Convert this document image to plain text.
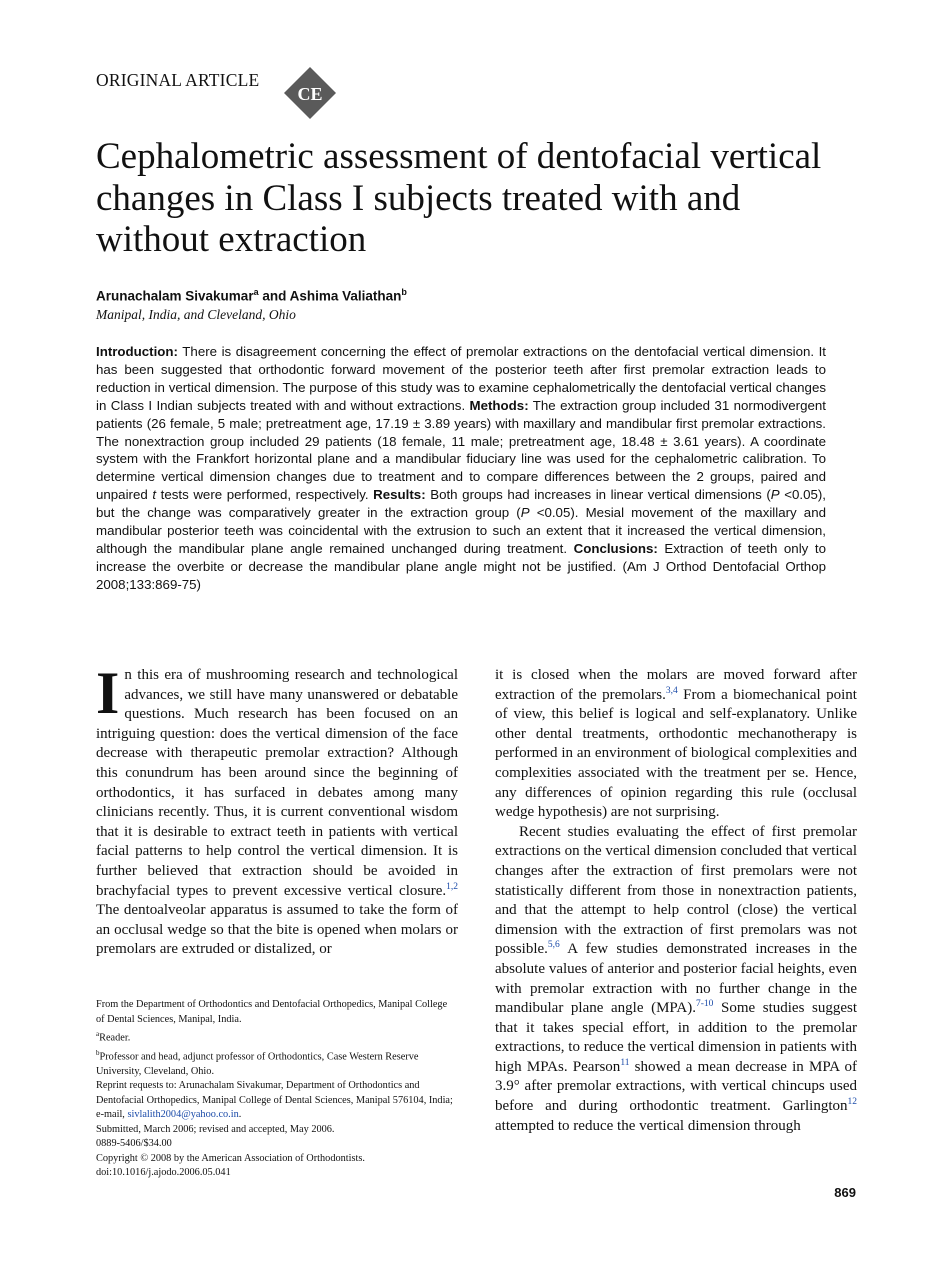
ORIGINAL ARTICLE
CE
Cephalometric assessment of dentofacial vertical changes in Class I subjects treated with and without extraction
Arunachalam Sivakumar$^a$ and Ashima Valiathan$^b$
Manipal, India, and Cleveland, Ohio

Introduction: There is disagreement concerning the effect of premolar extractions on the dentofacial vertical dimension. It has been suggested that orthodontic forward movement of the posterior teeth after first premolar extraction leads to reduction in vertical dimension. The purpose of this study was to examine cephalometrically the dentofacial vertical changes in Class I Indian subjects treated with and without extractions. Methods: The extraction group included 31 normodivergent patients (26 female, 5 male; pretreatment age, 17.19 ± 3.89 years) with maxillary and mandibular first premolar extractions. The nonextraction group included 29 patients (18 female, 11 male; pretreatment age, 18.48 ± 3.61 years). A coordinate system with the Frankfort horizontal plane and a mandibular fiduciary line was used for the cephalometric calibration. To determine vertical dimension changes due to treatment and to compare differences between the 2 groups, paired and unpaired t tests were performed, respectively. Results: Both groups had increases in linear vertical dimensions (P <0.05), but the change was comparatively greater in the extraction group (P <0.05). Mesial movement of the maxillary and mandibular posterior teeth was coincidental with the extrusion to such an extent that it increased the vertical dimension, although the mandibular plane angle remained unchanged during treatment. Conclusions: Extraction of teeth only to increase the overbite or decrease the mandibular plane angle might not be justified. (Am J Orthod Dentofacial Orthop 2008;133:869-75)

In this era of mushrooming research and technological advances, we still have many unanswered or debatable questions. Much research has been focused on an intriguing question: does the vertical dimension of the face decrease with therapeutic premolar extraction? Although this conundrum has been around since the beginning of orthodontics, it has surfaced in debates among many clinicians recently. Thus, it is current conventional wisdom that it is desirable to extract teeth in patients with vertical facial patterns to help control the vertical dimension. It is further believed that extraction should be avoided in brachyfacial types to prevent excessive vertical closure.$^{1,2}$ The dentoalveolar apparatus is assumed to take the form of an occlusal wedge so that the bite is opened when molars or premolars are extruded or distalized, or

From the Department of Orthodontics and Dentofacial Orthopedics, Manipal College of Dental Sciences, Manipal, India.
$^a$Reader.
$^b$Professor and head, adjunct professor of Orthodontics, Case Western Reserve University, Cleveland, Ohio.
Reprint requests to: Arunachalam Sivakumar, Department of Orthodontics and Dentofacial Orthopedics, Manipal College of Dental Sciences, Manipal 576104, India; e-mail, sivlalith2004@yahoo.co.in.
Submitted, March 2006; revised and accepted, May 2006.
0889-5406/$34.00
Copyright © 2008 by the American Association of Orthodontists.
doi:10.1016/j.ajodo.2006.05.041

it is closed when the molars are moved forward after extraction of the premolars.$^{3,4}$ From a biomechanical point of view, this belief is logical and self-explanatory. Unlike other dental treatments, orthodontic mechanotherapy is performed in an environment of biological complexities and complexities associated with the treatment per se. Hence, any differences of opinion regarding this rule (occlusal wedge hypothesis) are not surprising.

Recent studies evaluating the effect of first premolar extractions on the vertical dimension concluded that vertical changes after the extraction of first premolars were not statistically different from those in nonextraction patients, and that the attempt to help control (close) the vertical dimension with the extraction of first premolars was not possible.$^{5,6}$ A few studies demonstrated increases in the absolute values of anterior and posterior facial heights, even with premolar extraction with no further change in the mandibular plane angle (MPA).$^{7-10}$ Some studies suggest that it takes special effort, in addition to the premolar extractions, to reduce the vertical dimension in patients with high MPAs. Pearson$^{11}$ showed a mean decrease in MPA of 3.9° after premolar extractions, with vertical chincups used before and during orthodontic treatment. Garlington$^{12}$ attempted to reduce the vertical dimension through

869
